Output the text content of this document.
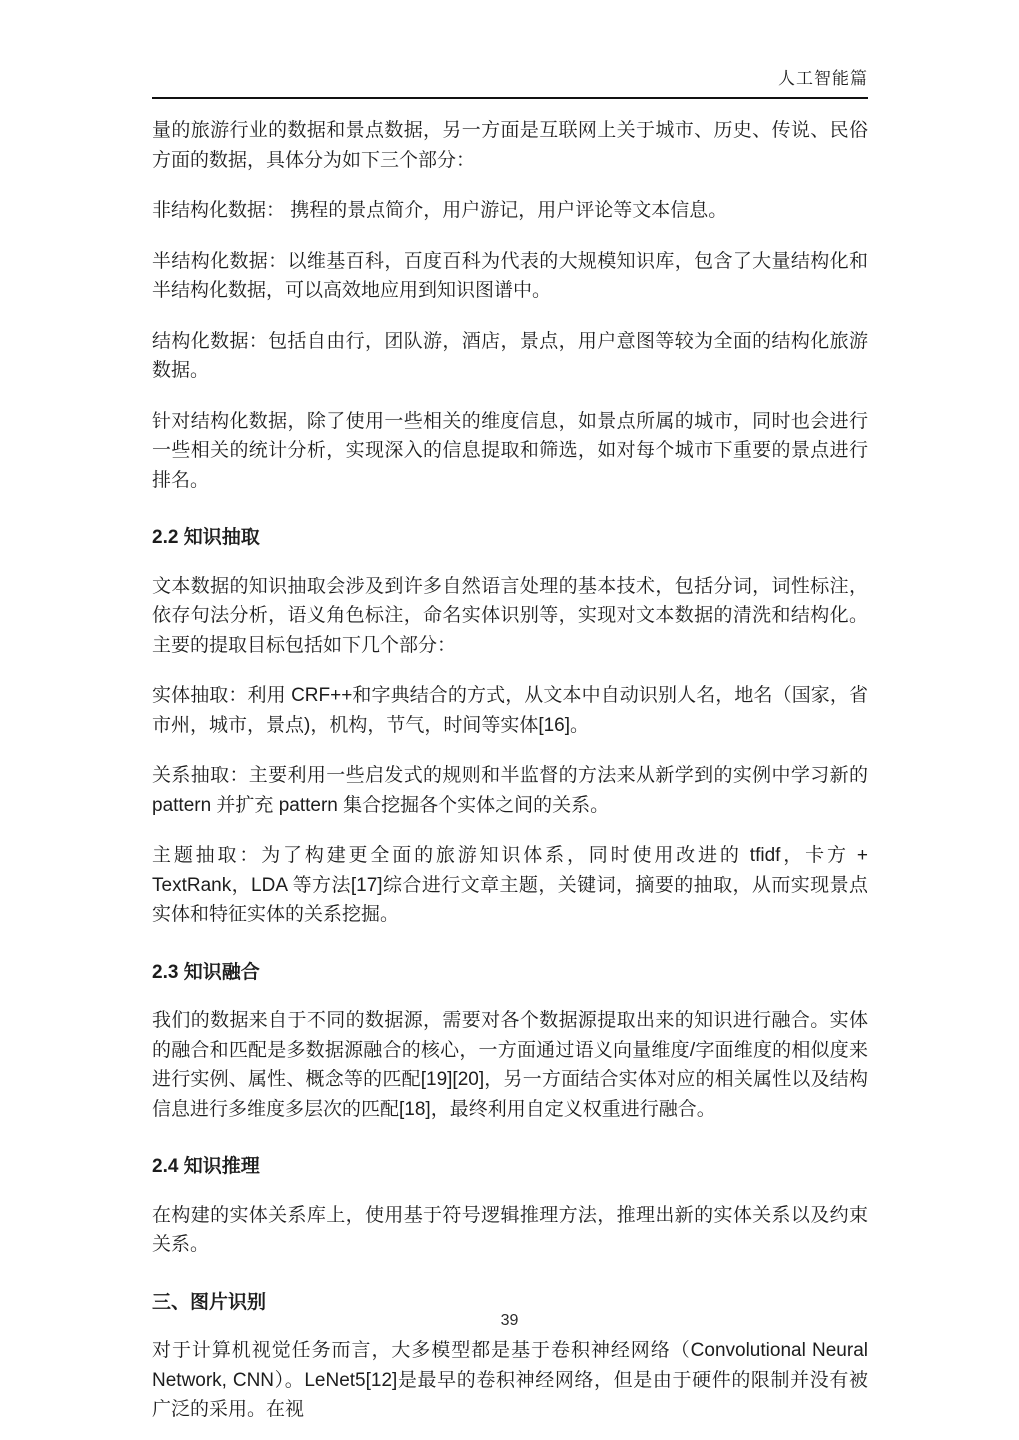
人工智能篇

量的旅游行业的数据和景点数据，另一方面是互联网上关于城市、历史、传说、民俗方面的数据，具体分为如下三个部分：

非结构化数据： 携程的景点简介，用户游记，用户评论等文本信息。

半结构化数据：以维基百科，百度百科为代表的大规模知识库，包含了大量结构化和半结构化数据，可以高效地应用到知识图谱中。

结构化数据：包括自由行，团队游，酒店，景点，用户意图等较为全面的结构化旅游数据。

针对结构化数据，除了使用一些相关的维度信息，如景点所属的城市，同时也会进行一些相关的统计分析，实现深入的信息提取和筛选，如对每个城市下重要的景点进行排名。

2.2 知识抽取

文本数据的知识抽取会涉及到许多自然语言处理的基本技术，包括分词，词性标注，依存句法分析，语义角色标注，命名实体识别等，实现对文本数据的清洗和结构化。主要的提取目标包括如下几个部分：

实体抽取：利用 CRF++和字典结合的方式，从文本中自动识别人名，地名（国家，省市州，城市，景点)，机构，节气，时间等实体[16]。

关系抽取：主要利用一些启发式的规则和半监督的方法来从新学到的实例中学习新的 pattern 并扩充 pattern 集合挖掘各个实体之间的关系。

主题抽取：为了构建更全面的旅游知识体系，同时使用改进的 tfidf，卡方 + TextRank，LDA 等方法[17]综合进行文章主题，关键词，摘要的抽取，从而实现景点实体和特征实体的关系挖掘。

2.3 知识融合

我们的数据来自于不同的数据源，需要对各个数据源提取出来的知识进行融合。实体的融合和匹配是多数据源融合的核心，一方面通过语义向量维度/字面维度的相似度来进行实例、属性、概念等的匹配[19][20]，另一方面结合实体对应的相关属性以及结构信息进行多维度多层次的匹配[18]，最终利用自定义权重进行融合。

2.4 知识推理

在构建的实体关系库上，使用基于符号逻辑推理方法，推理出新的实体关系以及约束关系。

三、图片识别

对于计算机视觉任务而言，大多模型都是基于卷积神经网络（Convolutional Neural Network, CNN）。LeNet5[12]是最早的卷积神经网络，但是由于硬件的限制并没有被广泛的采用。在视

39
